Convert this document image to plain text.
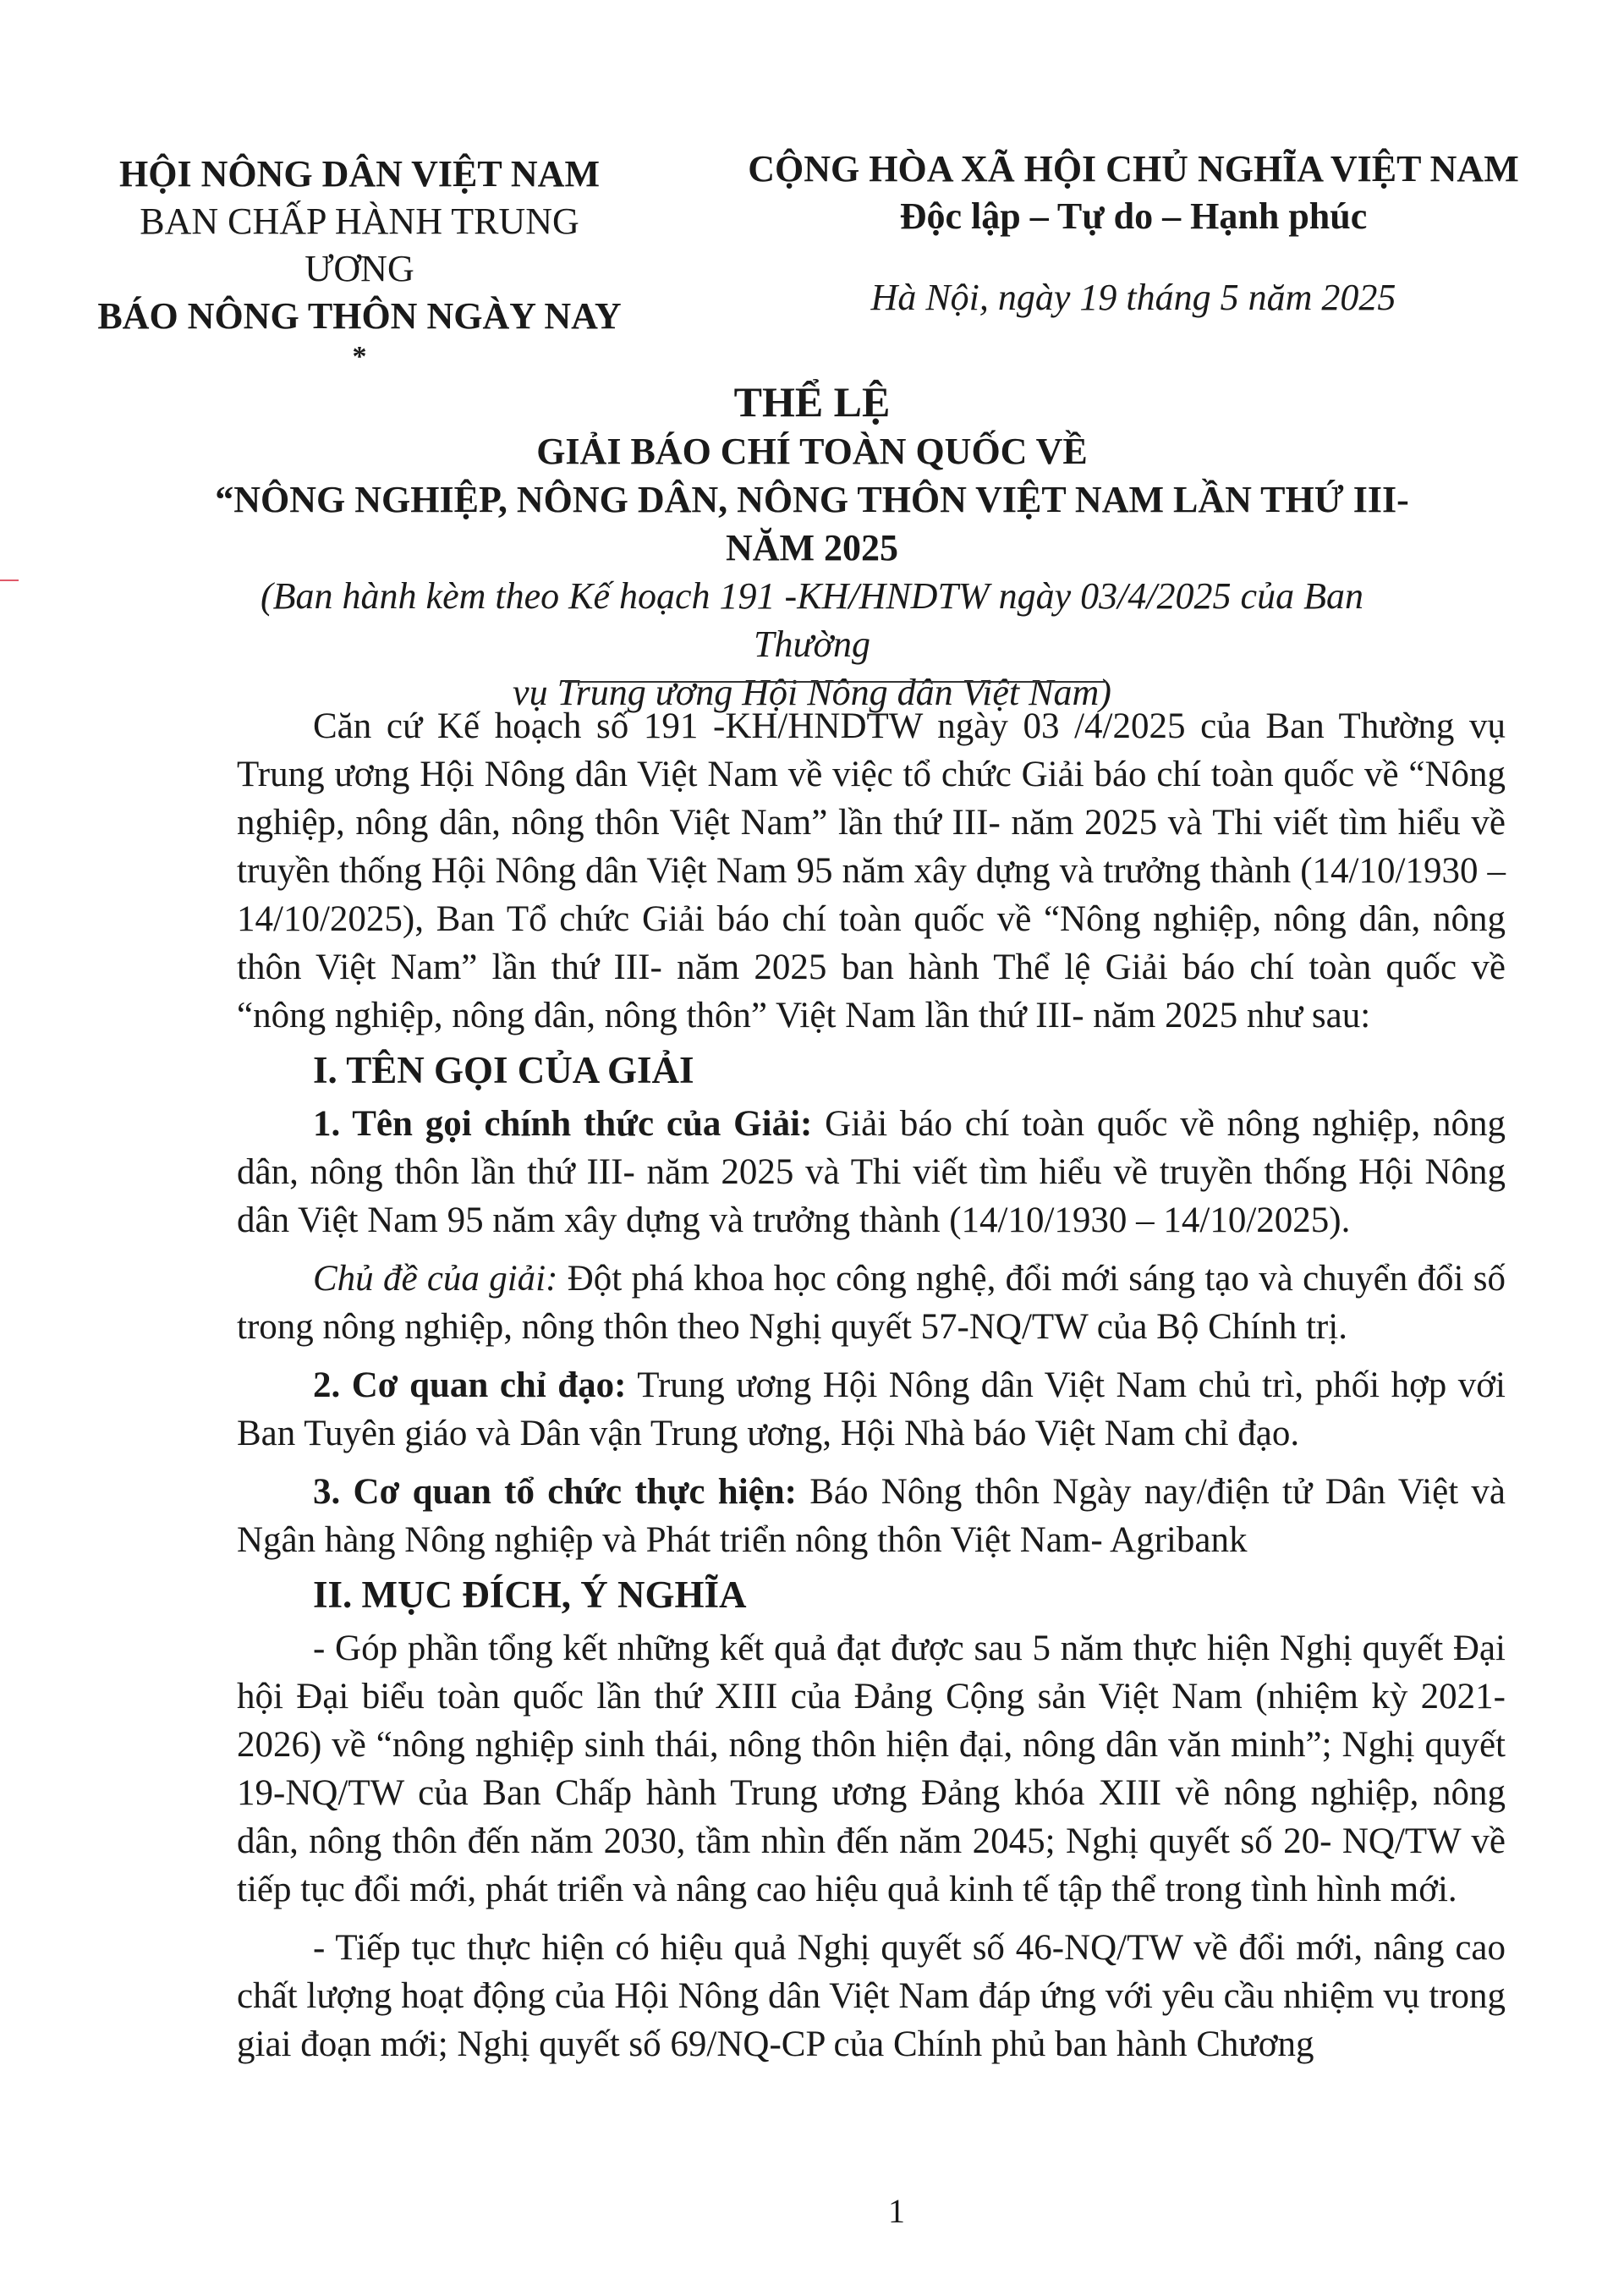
HỘI NÔNG DÂN VIỆT NAM
BAN CHẤP HÀNH TRUNG ƯƠNG
BÁO NÔNG THÔN NGÀY NAY
*
CỘNG HÒA XÃ HỘI CHỦ NGHĨA VIỆT NAM
Độc lập – Tự do – Hạnh phúc
Hà Nội, ngày 19 tháng 5 năm 2025
THỂ LỆ
GIẢI BÁO CHÍ TOÀN QUỐC VỀ
“NÔNG NGHIỆP, NÔNG DÂN, NÔNG THÔN VIỆT NAM LẦN THỨ III-
NĂM 2025
(Ban hành kèm theo Kế hoạch 191 -KH/HNDTW ngày 03/4/2025 của Ban Thường
vụ Trung ương Hội Nông dân Việt Nam)

Căn cứ Kế hoạch số 191 -KH/HNDTW ngày 03 /4/2025 của Ban Thường vụ Trung ương Hội Nông dân Việt Nam về việc tổ chức Giải báo chí toàn quốc về “Nông nghiệp, nông dân, nông thôn Việt Nam” lần thứ III- năm 2025 và Thi viết tìm hiểu về truyền thống Hội Nông dân Việt Nam 95 năm xây dựng và trưởng thành (14/10/1930 – 14/10/2025), Ban Tổ chức Giải báo chí toàn quốc về “Nông nghiệp, nông dân, nông thôn Việt Nam” lần thứ III- năm 2025 ban hành Thể lệ Giải báo chí toàn quốc về “nông nghiệp, nông dân, nông thôn” Việt Nam lần thứ III- năm 2025 như sau:

I. TÊN GỌI CỦA GIẢI

1. Tên gọi chính thức của Giải: Giải báo chí toàn quốc về nông nghiệp, nông dân, nông thôn lần thứ III- năm 2025 và Thi viết tìm hiểu về truyền thống Hội Nông dân Việt Nam 95 năm xây dựng và trưởng thành (14/10/1930 – 14/10/2025).

Chủ đề của giải: Đột phá khoa học công nghệ, đổi mới sáng tạo và chuyển đổi số trong nông nghiệp, nông thôn theo Nghị quyết 57-NQ/TW của Bộ Chính trị.

2. Cơ quan chỉ đạo: Trung ương Hội Nông dân Việt Nam chủ trì, phối hợp với Ban Tuyên giáo và Dân vận Trung ương, Hội Nhà báo Việt Nam chỉ đạo.

3. Cơ quan tổ chức thực hiện: Báo Nông thôn Ngày nay/điện tử Dân Việt và Ngân hàng Nông nghiệp và Phát triển nông thôn Việt Nam- Agribank

II. MỤC ĐÍCH, Ý NGHĨA

- Góp phần tổng kết những kết quả đạt được sau 5 năm thực hiện Nghị quyết Đại hội Đại biểu toàn quốc lần thứ XIII của Đảng Cộng sản Việt Nam (nhiệm kỳ 2021-2026) về “nông nghiệp sinh thái, nông thôn hiện đại, nông dân văn minh”; Nghị quyết 19-NQ/TW của Ban Chấp hành Trung ương Đảng khóa XIII về nông nghiệp, nông dân, nông thôn đến năm 2030, tầm nhìn đến năm 2045; Nghị quyết số 20- NQ/TW về tiếp tục đổi mới, phát triển và nâng cao hiệu quả kinh tế tập thể trong tình hình mới.

- Tiếp tục thực hiện có hiệu quả Nghị quyết số 46-NQ/TW về đổi mới, nâng cao chất lượng hoạt động của Hội Nông dân Việt Nam đáp ứng với yêu cầu nhiệm vụ trong giai đoạn mới; Nghị quyết số 69/NQ-CP của Chính phủ ban hành Chương

1
